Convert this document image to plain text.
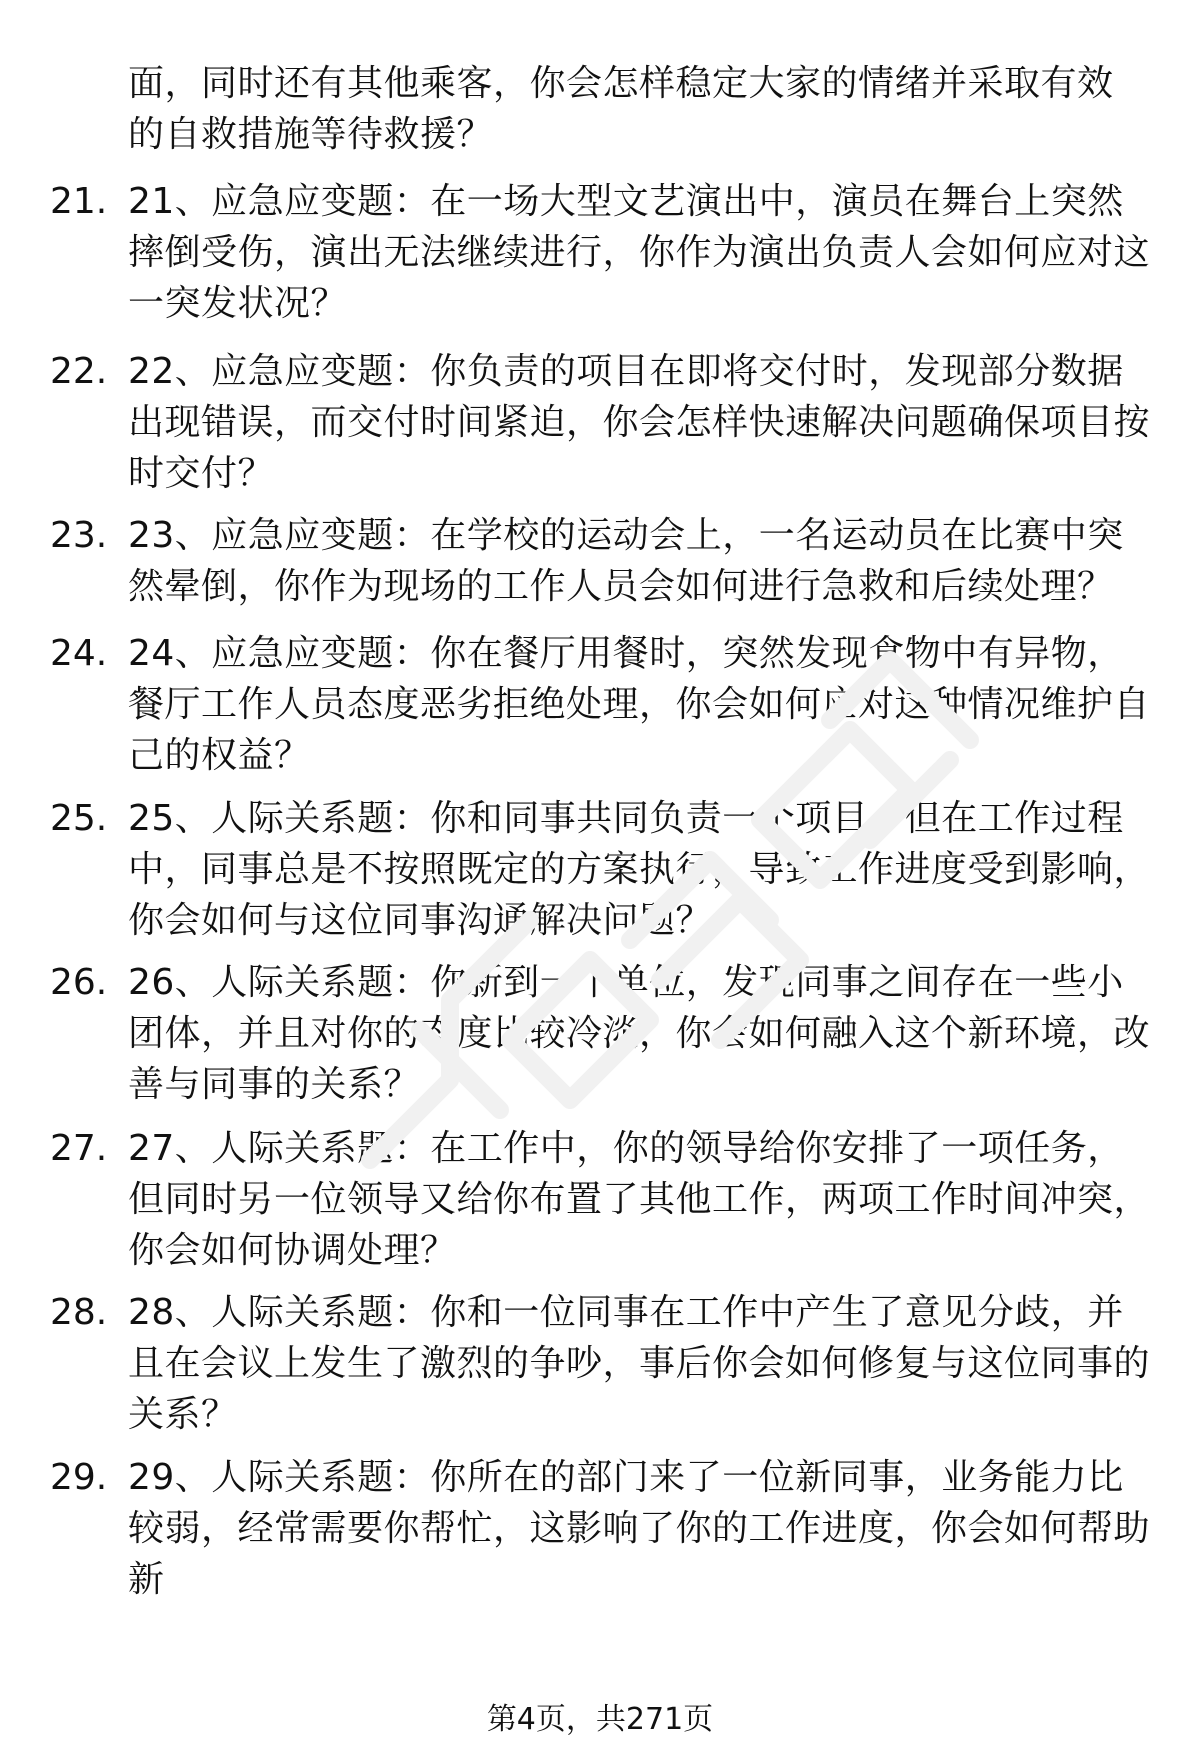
面，同时还有其他乘客，你会怎样稳定大家的情绪并采取有效的自救措施等待救援？

21. 21、应急应变题：在一场大型文艺演出中，演员在舞台上突然摔倒受伤，演出无法继续进行，你作为演出负责人会如何应对这一突发状况？

22. 22、应急应变题：你负责的项目在即将交付时，发现部分数据出现错误，而交付时间紧迫，你会怎样快速解决问题确保项目按时交付？

23. 23、应急应变题：在学校的运动会上，一名运动员在比赛中突然晕倒，你作为现场的工作人员会如何进行急救和后续处理？

24. 24、应急应变题：你在餐厅用餐时，突然发现食物中有异物，餐厅工作人员态度恶劣拒绝处理，你会如何应对这种情况维护自己的权益？

25. 25、人际关系题：你和同事共同负责一个项目，但在工作过程中，同事总是不按照既定的方案执行，导致工作进度受到影响，你会如何与这位同事沟通解决问题？

26. 26、人际关系题：你新到一个单位，发现同事之间存在一些小团体，并且对你的态度比较冷淡，你会如何融入这个新环境，改善与同事的关系？

27. 27、人际关系题：在工作中，你的领导给你安排了一项任务，但同时另一位领导又给你布置了其他工作，两项工作时间冲突，你会如何协调处理？

28. 28、人际关系题：你和一位同事在工作中产生了意见分歧，并且在会议上发生了激烈的争吵，事后你会如何修复与这位同事的关系？

29. 29、人际关系题：你所在的部门来了一位新同事，业务能力比较弱，经常需要你帮忙，这影响了你的工作进度，你会如何帮助新

第4页，共271页
